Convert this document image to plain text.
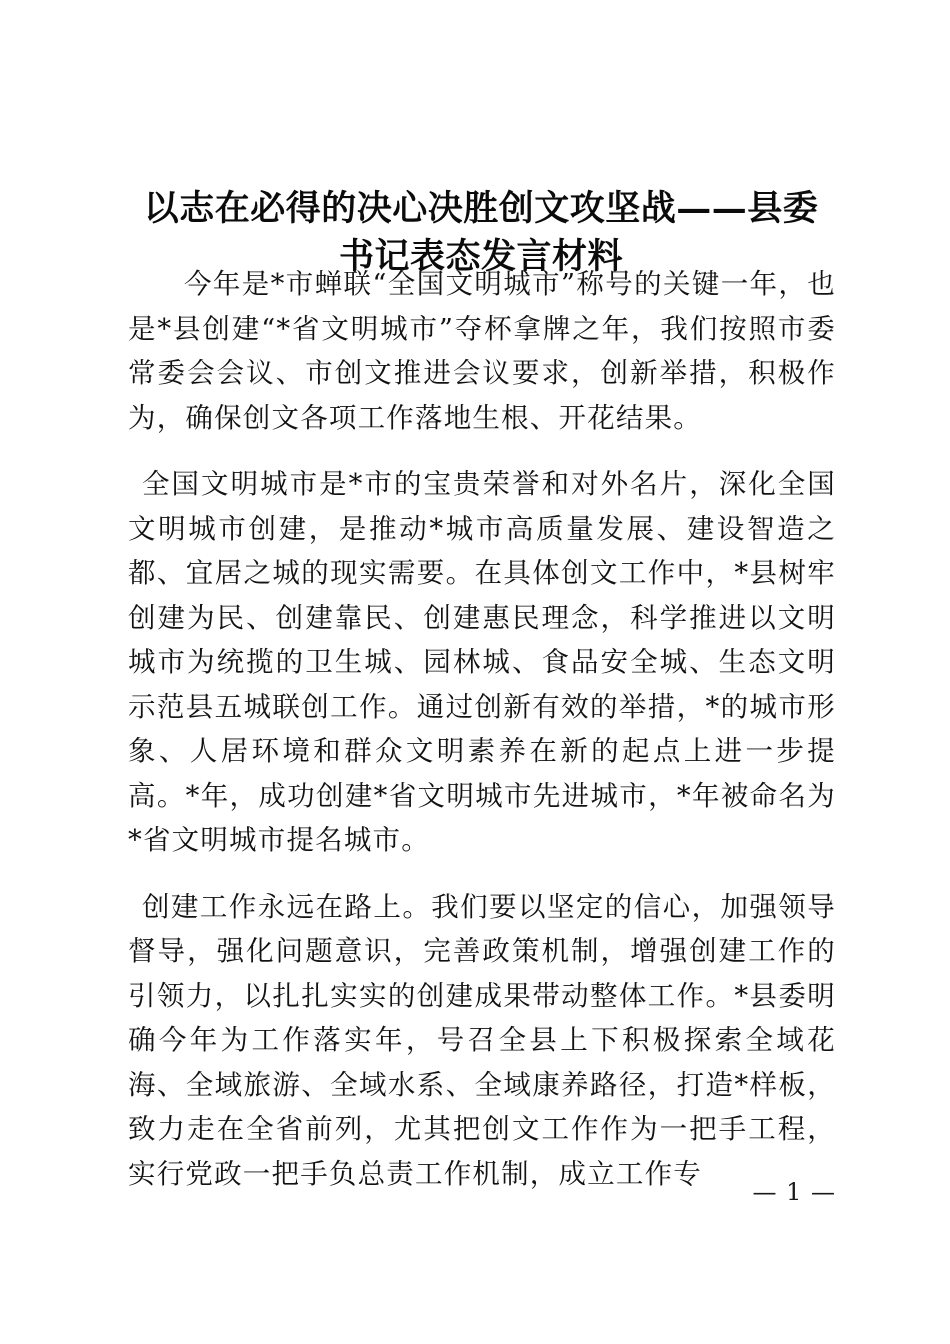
以志在必得的决心决胜创文攻坚战——县委书记表态发言材料

今年是*市蝉联“全国文明城市”称号的关键一年，也是*县创建“*省文明城市”夺杯拿牌之年，我们按照市委常委会会议、市创文推进会议要求，创新举措，积极作为，确保创文各项工作落地生根、开花结果。

全国文明城市是*市的宝贵荣誉和对外名片，深化全国文明城市创建，是推动*城市高质量发展、建设智造之都、宜居之城的现实需要。在具体创文工作中，*县树牢创建为民、创建靠民、创建惠民理念，科学推进以文明城市为统揽的卫生城、园林城、食品安全城、生态文明示范县五城联创工作。通过创新有效的举措，*的城市形象、人居环境和群众文明素养在新的起点上进一步提高。*年，成功创建*省文明城市先进城市，*年被命名为*省文明城市提名城市。

创建工作永远在路上。我们要以坚定的信心，加强领导督导，强化问题意识，完善政策机制，增强创建工作的引领力，以扎扎实实的创建成果带动整体工作。*县委明确今年为工作落实年，号召全县上下积极探索全域花海、全域旅游、全域水系、全域康养路径，打造*样板，致力走在全省前列，尤其把创文工作作为一把手工程，实行党政一把手负总责工作机制，成立工作专

— 1 —
